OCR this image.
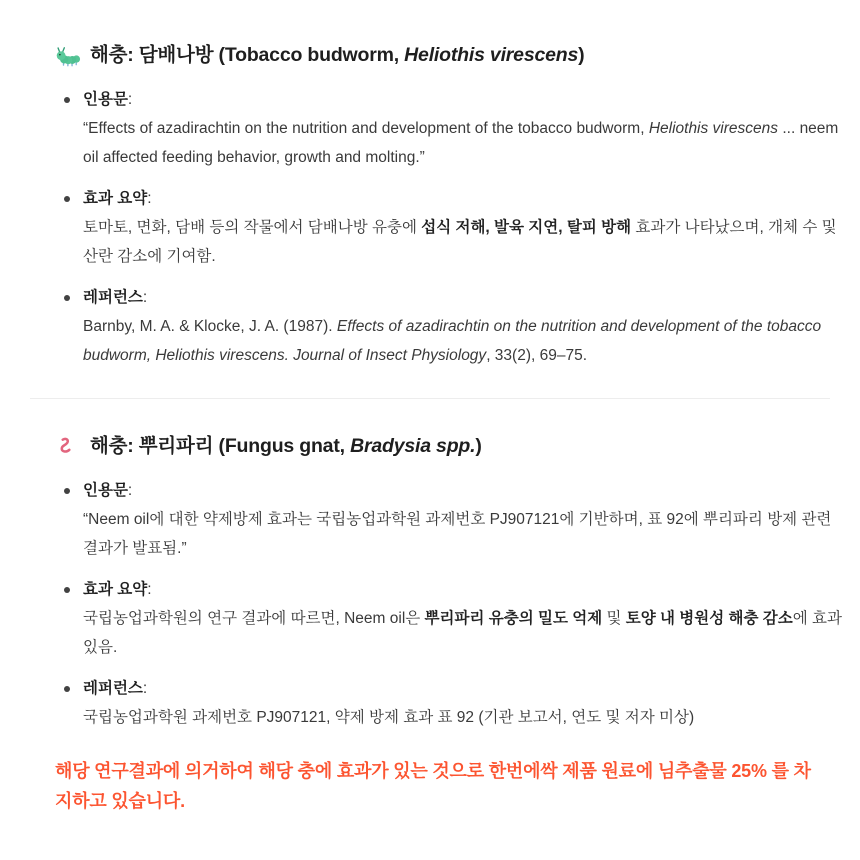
해충: 담배나방 (Tobacco budworm, Heliothis virescens)

인용문:

“Effects of azadirachtin on the nutrition and development of the tobacco budworm, Heliothis virescens ... neem oil affected feeding behavior, growth and molting.”

효과 요약:

토마토, 면화, 담배 등의 작물에서 담배나방 유충에 섭식 저해, 발육 지연, 탈피 방해 효과가 나타났으며, 개체 수 및 산란 감소에 기여함.

레퍼런스:

Barnby, M. A. & Klocke, J. A. (1987). Effects of azadirachtin on the nutrition and development of the tobacco budworm, Heliothis virescens. Journal of Insect Physiology, 33(2), 69–75.

해충: 뿌리파리 (Fungus gnat, Bradysia spp.)

인용문:

“Neem oil에 대한 약제방제 효과는 국립농업과학원 과제번호 PJ907121에 기반하며, 표 92에 뿌리파리 방제 관련 결과가 발표됨.”

효과 요약:

국립농업과학원의 연구 결과에 따르면, Neem oil은 뿌리파리 유충의 밀도 억제 및 토양 내 병원성 해충 감소에 효과 있음.

레퍼런스:

국립농업과학원 과제번호 PJ907121, 약제 방제 효과 표 92 (기관 보고서, 연도 및 저자 미상)

해당 연구결과에 의거하여 해당 충에 효과가 있는 것으로 한번에싹 제품 원료에 님추출물 25% 를 차지하고 있습니다.
